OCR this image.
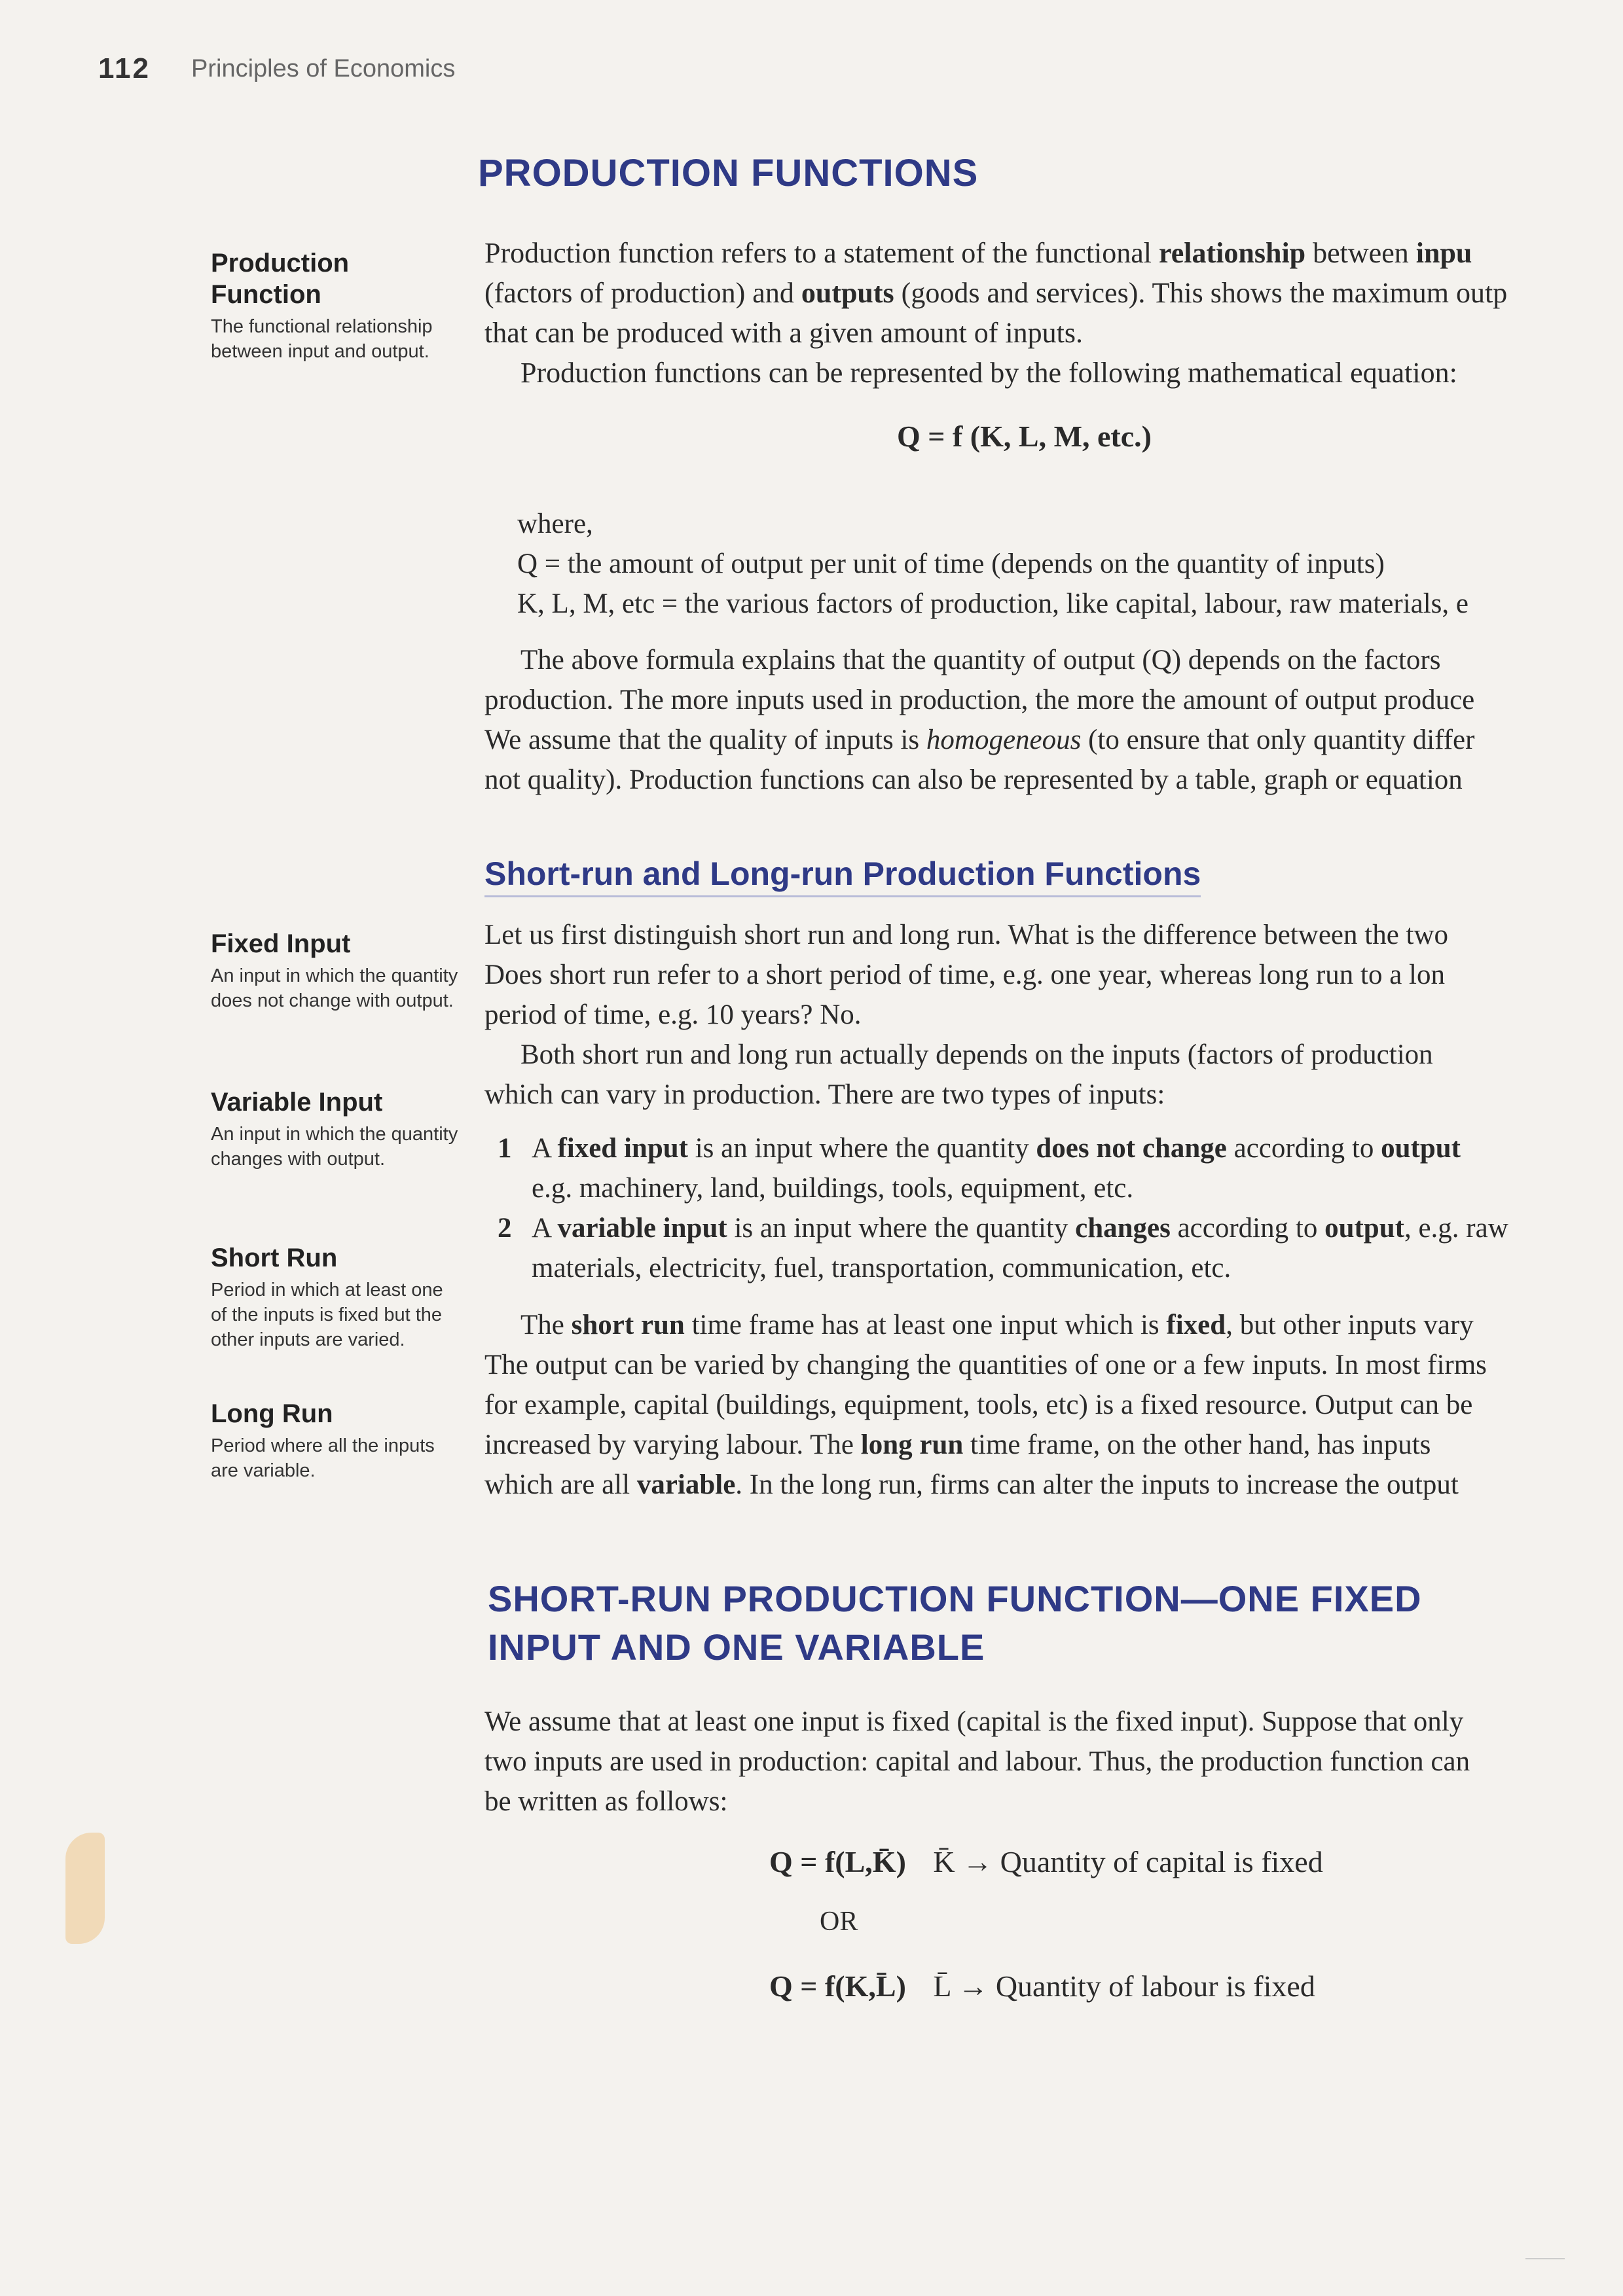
112 Principles of Economics
PRODUCTION FUNCTIONS
Production
Function
The functional relationship between input and output.

Production function refers to a statement of the functional relationship between inpu

(factors of production) and outputs (goods and services). This shows the maximum outp

that can be produced with a given amount of inputs.

Production functions can be represented by the following mathematical equation:

Q = f (K, L, M, etc.)

where,

Q = the amount of output per unit of time (depends on the quantity of inputs)

K, L, M, etc = the various factors of production, like capital, labour, raw materials, e

The above formula explains that the quantity of output (Q) depends on the factors

production. The more inputs used in production, the more the amount of output produce

We assume that the quality of inputs is homogeneous (to ensure that only quantity differ

not quality). Production functions can also be represented by a table, graph or equation

Short-run and Long-run Production Functions
Fixed Input
An input in which the quantity does not change with output.
Variable Input
An input in which the quantity changes with output.
Short Run
Period in which at least one of the inputs is fixed but the other inputs are varied.
Long Run
Period where all the inputs are variable.

Let us first distinguish short run and long run. What is the difference between the two

Does short run refer to a short period of time, e.g. one year, whereas long run to a lon

period of time, e.g. 10 years? No.

Both short run and long run actually depends on the inputs (factors of production

which can vary in production. There are two types of inputs:

1 A fixed input is an input where the quantity does not change according to output
e.g. machinery, land, buildings, tools, equipment, etc.
2 A variable input is an input where the quantity changes according to output, e.g. raw
materials, electricity, fuel, transportation, communication, etc.

The short run time frame has at least one input which is fixed, but other inputs vary

The output can be varied by changing the quantities of one or a few inputs. In most firms

for example, capital (buildings, equipment, tools, etc) is a fixed resource. Output can be

increased by varying labour. The long run time frame, on the other hand, has inputs

which are all variable. In the long run, firms can alter the inputs to increase the output

SHORT-RUN PRODUCTION FUNCTION—ONE FIXED
INPUT AND ONE VARIABLE

We assume that at least one input is fixed (capital is the fixed input). Suppose that only

two inputs are used in production: capital and labour. Thus, the production function can

be written as follows:

Q = f(L,K̄) K̄ → Quantity of capital is fixed
OR
Q = f(K,L̄) L̄ → Quantity of labour is fixed
